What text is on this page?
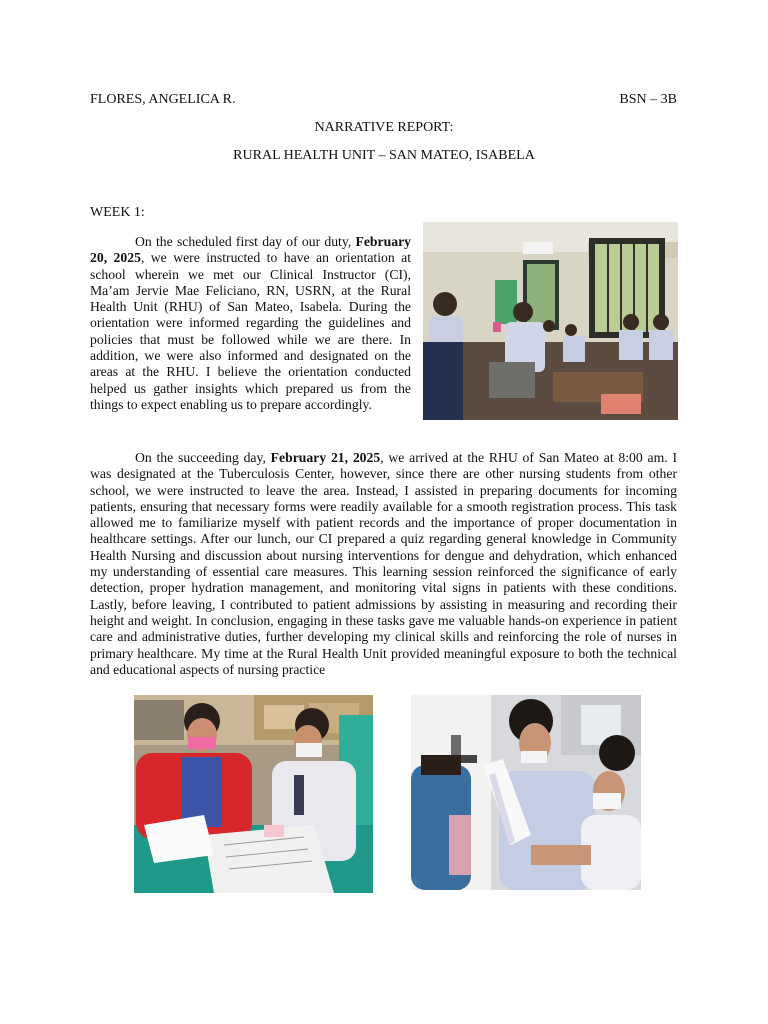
FLORES, ANGELICA R.	BSN – 3B
NARRATIVE REPORT:
RURAL HEALTH UNIT – SAN MATEO, ISABELA
WEEK 1:
On the scheduled first day of our duty, February 20, 2025, we were instructed to have an orientation at school wherein we met our Clinical Instructor (CI), Ma’am Jervie Mae Feliciano, RN, USRN, at the Rural Health Unit (RHU) of San Mateo, Isabela. During the orientation were informed regarding the guidelines and policies that must be followed while we are there. In addition, we were also informed and designated on the areas at the RHU. I believe the orientation conducted helped us gather insights which prepared us from the things to expect enabling us to prepare accordingly.
On the succeeding day, February 21, 2025, we arrived at the RHU of San Mateo at 8:00 am. I was designated at the Tuberculosis Center, however, since there are other nursing students from other school, we were instructed to leave the area. Instead, I assisted in preparing documents for incoming patients, ensuring that necessary forms were readily available for a smooth registration process. This task allowed me to familiarize myself with patient records and the importance of proper documentation in healthcare settings. After our lunch, our CI prepared a quiz regarding general knowledge in Community Health Nursing and discussion about nursing interventions for dengue and dehydration, which enhanced my understanding of essential care measures. This learning session reinforced the significance of early detection, proper hydration management, and monitoring vital signs in patients with these conditions. Lastly, before leaving, I contributed to patient admissions by assisting in measuring and recording their height and weight. In conclusion, engaging in these tasks gave me valuable hands-on experience in patient care and administrative duties, further developing my clinical skills and reinforcing the role of nurses in primary healthcare. My time at the Rural Health Unit provided meaningful exposure to both the technical and educational aspects of nursing practice
